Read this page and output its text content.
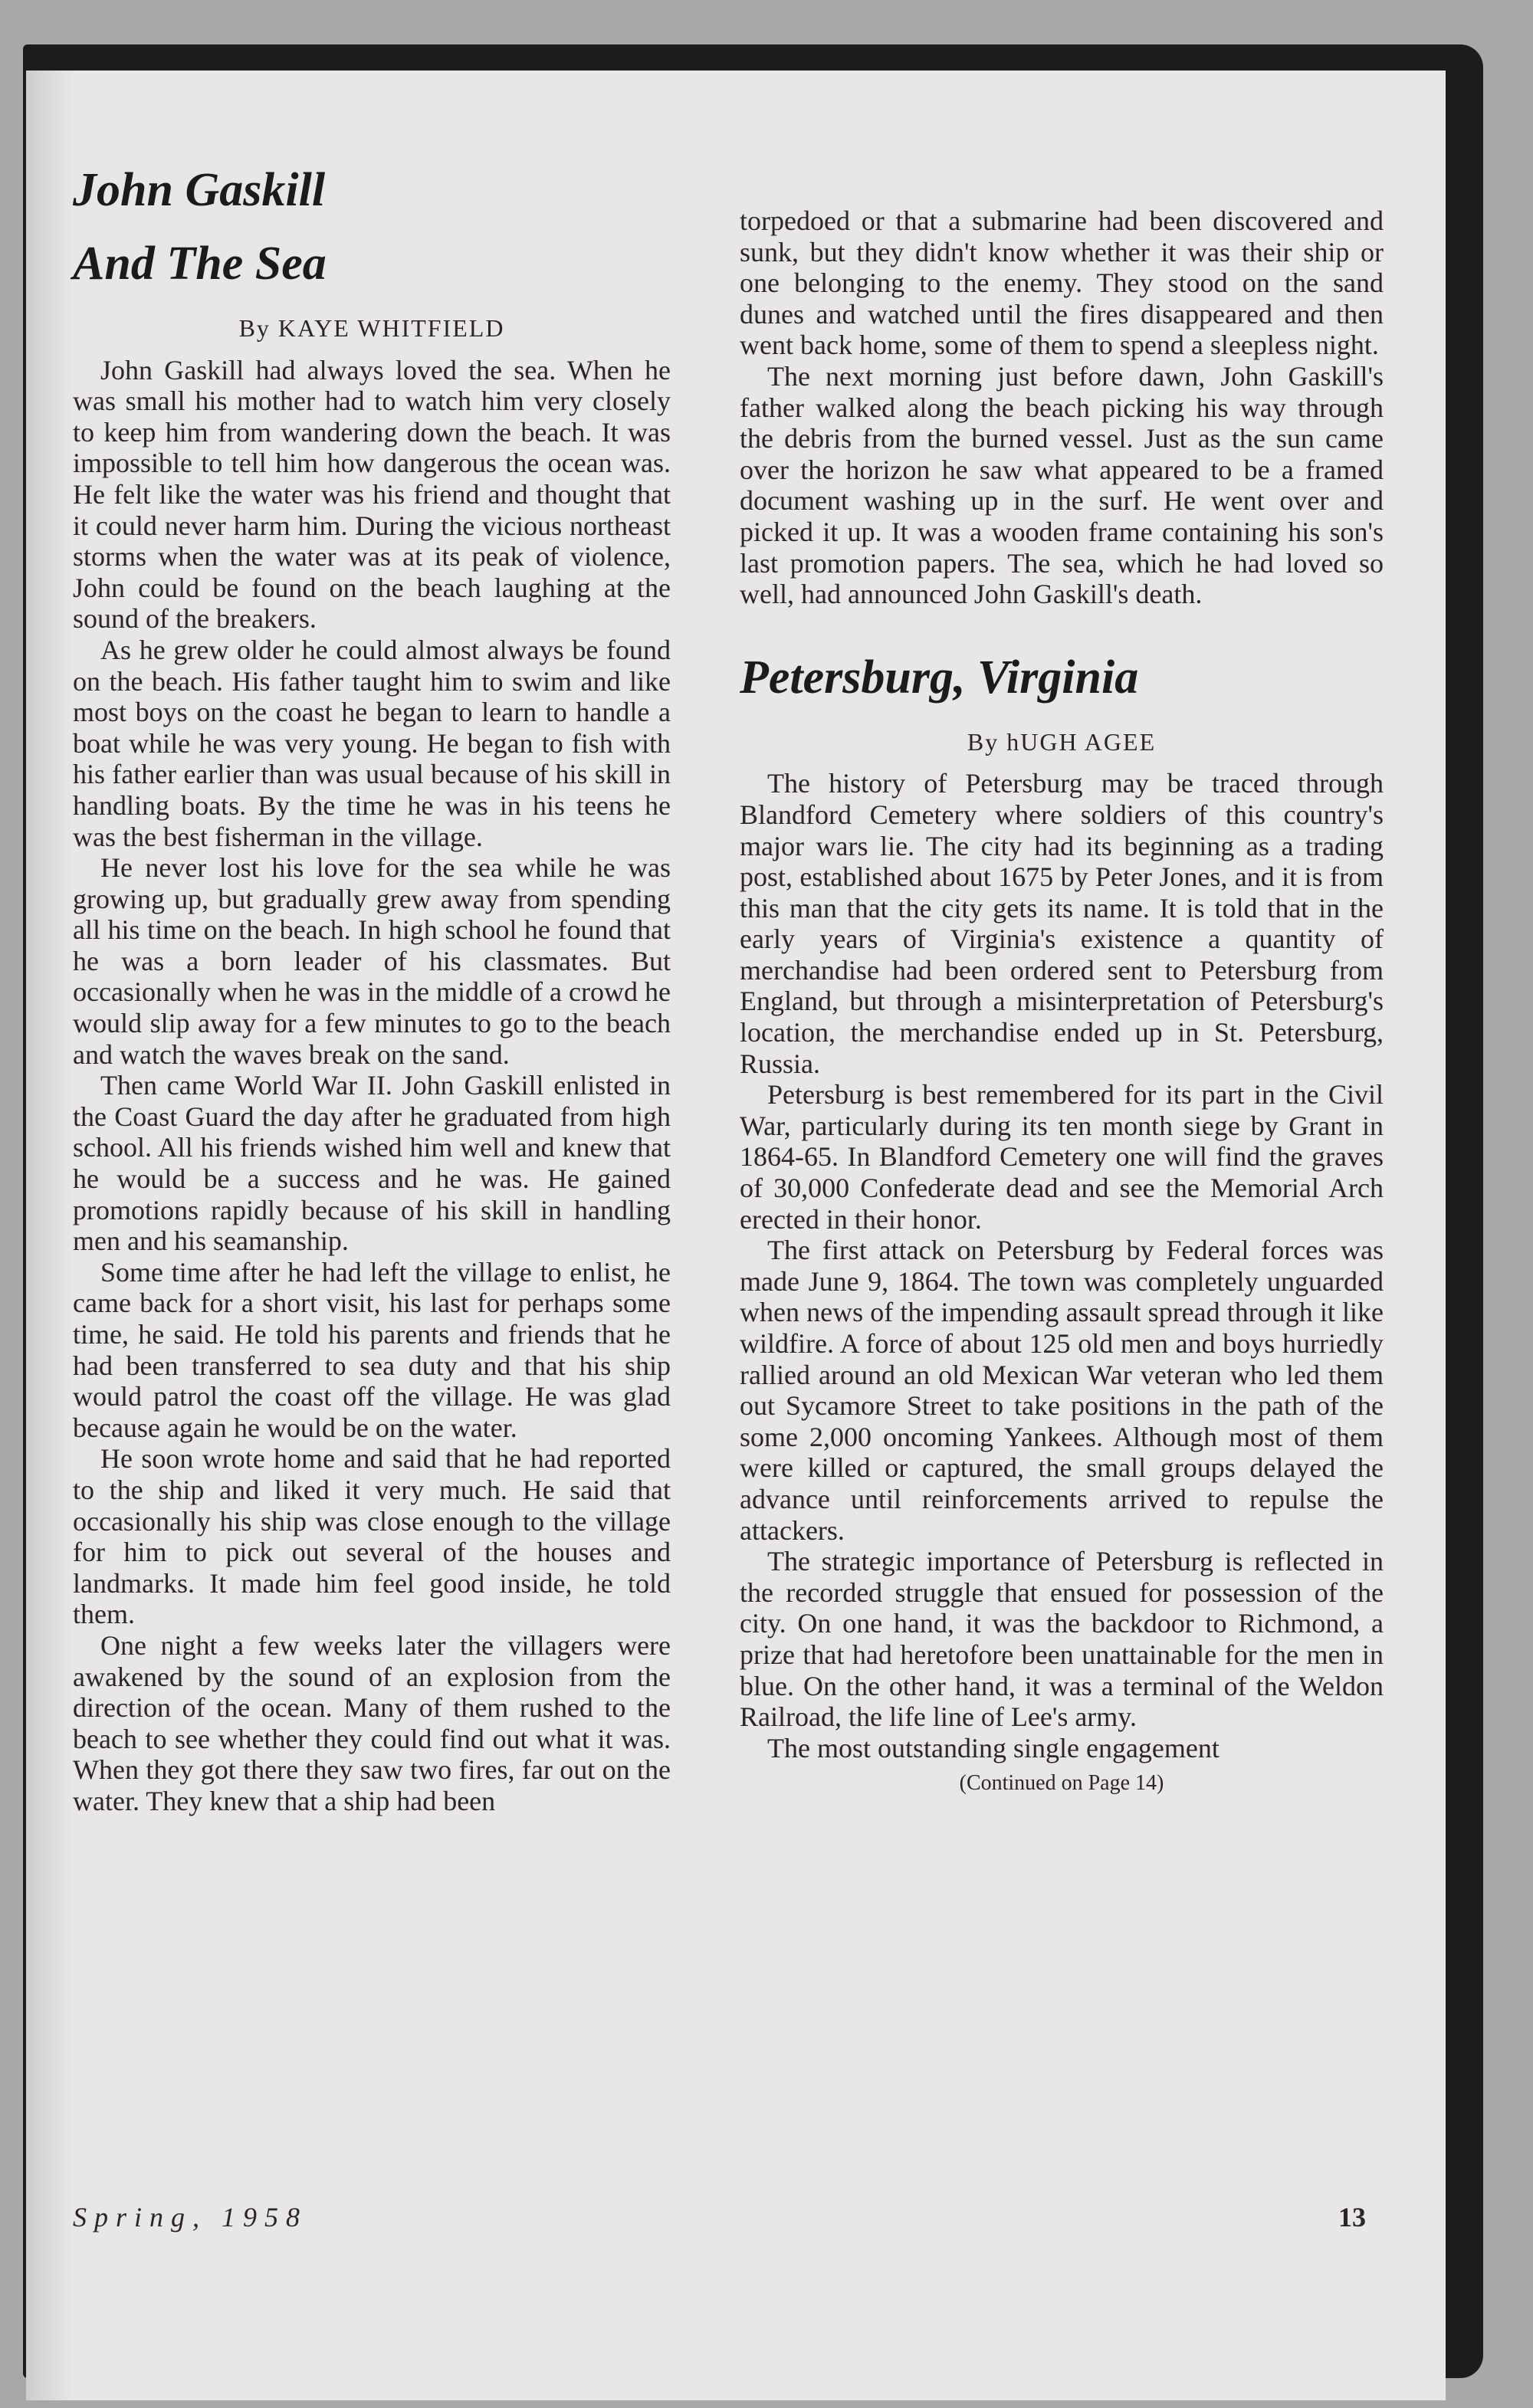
John Gaskill
And The Sea
By KAYE WHITFIELD

John Gaskill had always loved the sea. When he was small his mother had to watch him very closely to keep him from wandering down the beach. It was impossible to tell him how dangerous the ocean was. He felt like the water was his friend and thought that it could never harm him. During the vicious northeast storms when the water was at its peak of violence, John could be found on the beach laughing at the sound of the breakers.

As he grew older he could almost always be found on the beach. His father taught him to swim and like most boys on the coast he began to learn to handle a boat while he was very young. He began to fish with his father earlier than was usual because of his skill in handling boats. By the time he was in his teens he was the best fisherman in the village.

He never lost his love for the sea while he was growing up, but gradually grew away from spending all his time on the beach. In high school he found that he was a born leader of his classmates. But occasionally when he was in the middle of a crowd he would slip away for a few minutes to go to the beach and watch the waves break on the sand.

Then came World War II. John Gaskill enlisted in the Coast Guard the day after he graduated from high school. All his friends wished him well and knew that he would be a success and he was. He gained promotions rapidly because of his skill in handling men and his seamanship.

Some time after he had left the village to enlist, he came back for a short visit, his last for perhaps some time, he said. He told his parents and friends that he had been transferred to sea duty and that his ship would patrol the coast off the village. He was glad because again he would be on the water.

He soon wrote home and said that he had reported to the ship and liked it very much. He said that occasionally his ship was close enough to the village for him to pick out several of the houses and landmarks. It made him feel good inside, he told them.

One night a few weeks later the villagers were awakened by the sound of an explosion from the direction of the ocean. Many of them rushed to the beach to see whether they could find out what it was. When they got there they saw two fires, far out on the water. They knew that a ship had been

torpedoed or that a submarine had been discovered and sunk, but they didn't know whether it was their ship or one belonging to the enemy. They stood on the sand dunes and watched until the fires disappeared and then went back home, some of them to spend a sleepless night.

The next morning just before dawn, John Gaskill's father walked along the beach picking his way through the debris from the burned vessel. Just as the sun came over the horizon he saw what appeared to be a framed document washing up in the surf. He went over and picked it up. It was a wooden frame containing his son's last promotion papers. The sea, which he had loved so well, had announced John Gaskill's death.

Petersburg, Virginia
By hUGH AGEE

The history of Petersburg may be traced through Blandford Cemetery where soldiers of this country's major wars lie. The city had its beginning as a trading post, established about 1675 by Peter Jones, and it is from this man that the city gets its name. It is told that in the early years of Virginia's existence a quantity of merchandise had been ordered sent to Petersburg from England, but through a misinterpretation of Petersburg's location, the merchandise ended up in St. Petersburg, Russia.

Petersburg is best remembered for its part in the Civil War, particularly during its ten month siege by Grant in 1864-65. In Blandford Cemetery one will find the graves of 30,000 Confederate dead and see the Memorial Arch erected in their honor.

The first attack on Petersburg by Federal forces was made June 9, 1864. The town was completely unguarded when news of the impending assault spread through it like wildfire. A force of about 125 old men and boys hurriedly rallied around an old Mexican War veteran who led them out Sycamore Street to take positions in the path of the some 2,000 oncoming Yankees. Although most of them were killed or captured, the small groups delayed the advance until reinforcements arrived to repulse the attackers.

The strategic importance of Petersburg is reflected in the recorded struggle that ensued for possession of the city. On one hand, it was the backdoor to Richmond, a prize that had heretofore been unattainable for the men in blue. On the other hand, it was a terminal of the Weldon Railroad, the life line of Lee's army.

The most outstanding single engagement

(Continued on Page 14)
Spring, 1958	13
